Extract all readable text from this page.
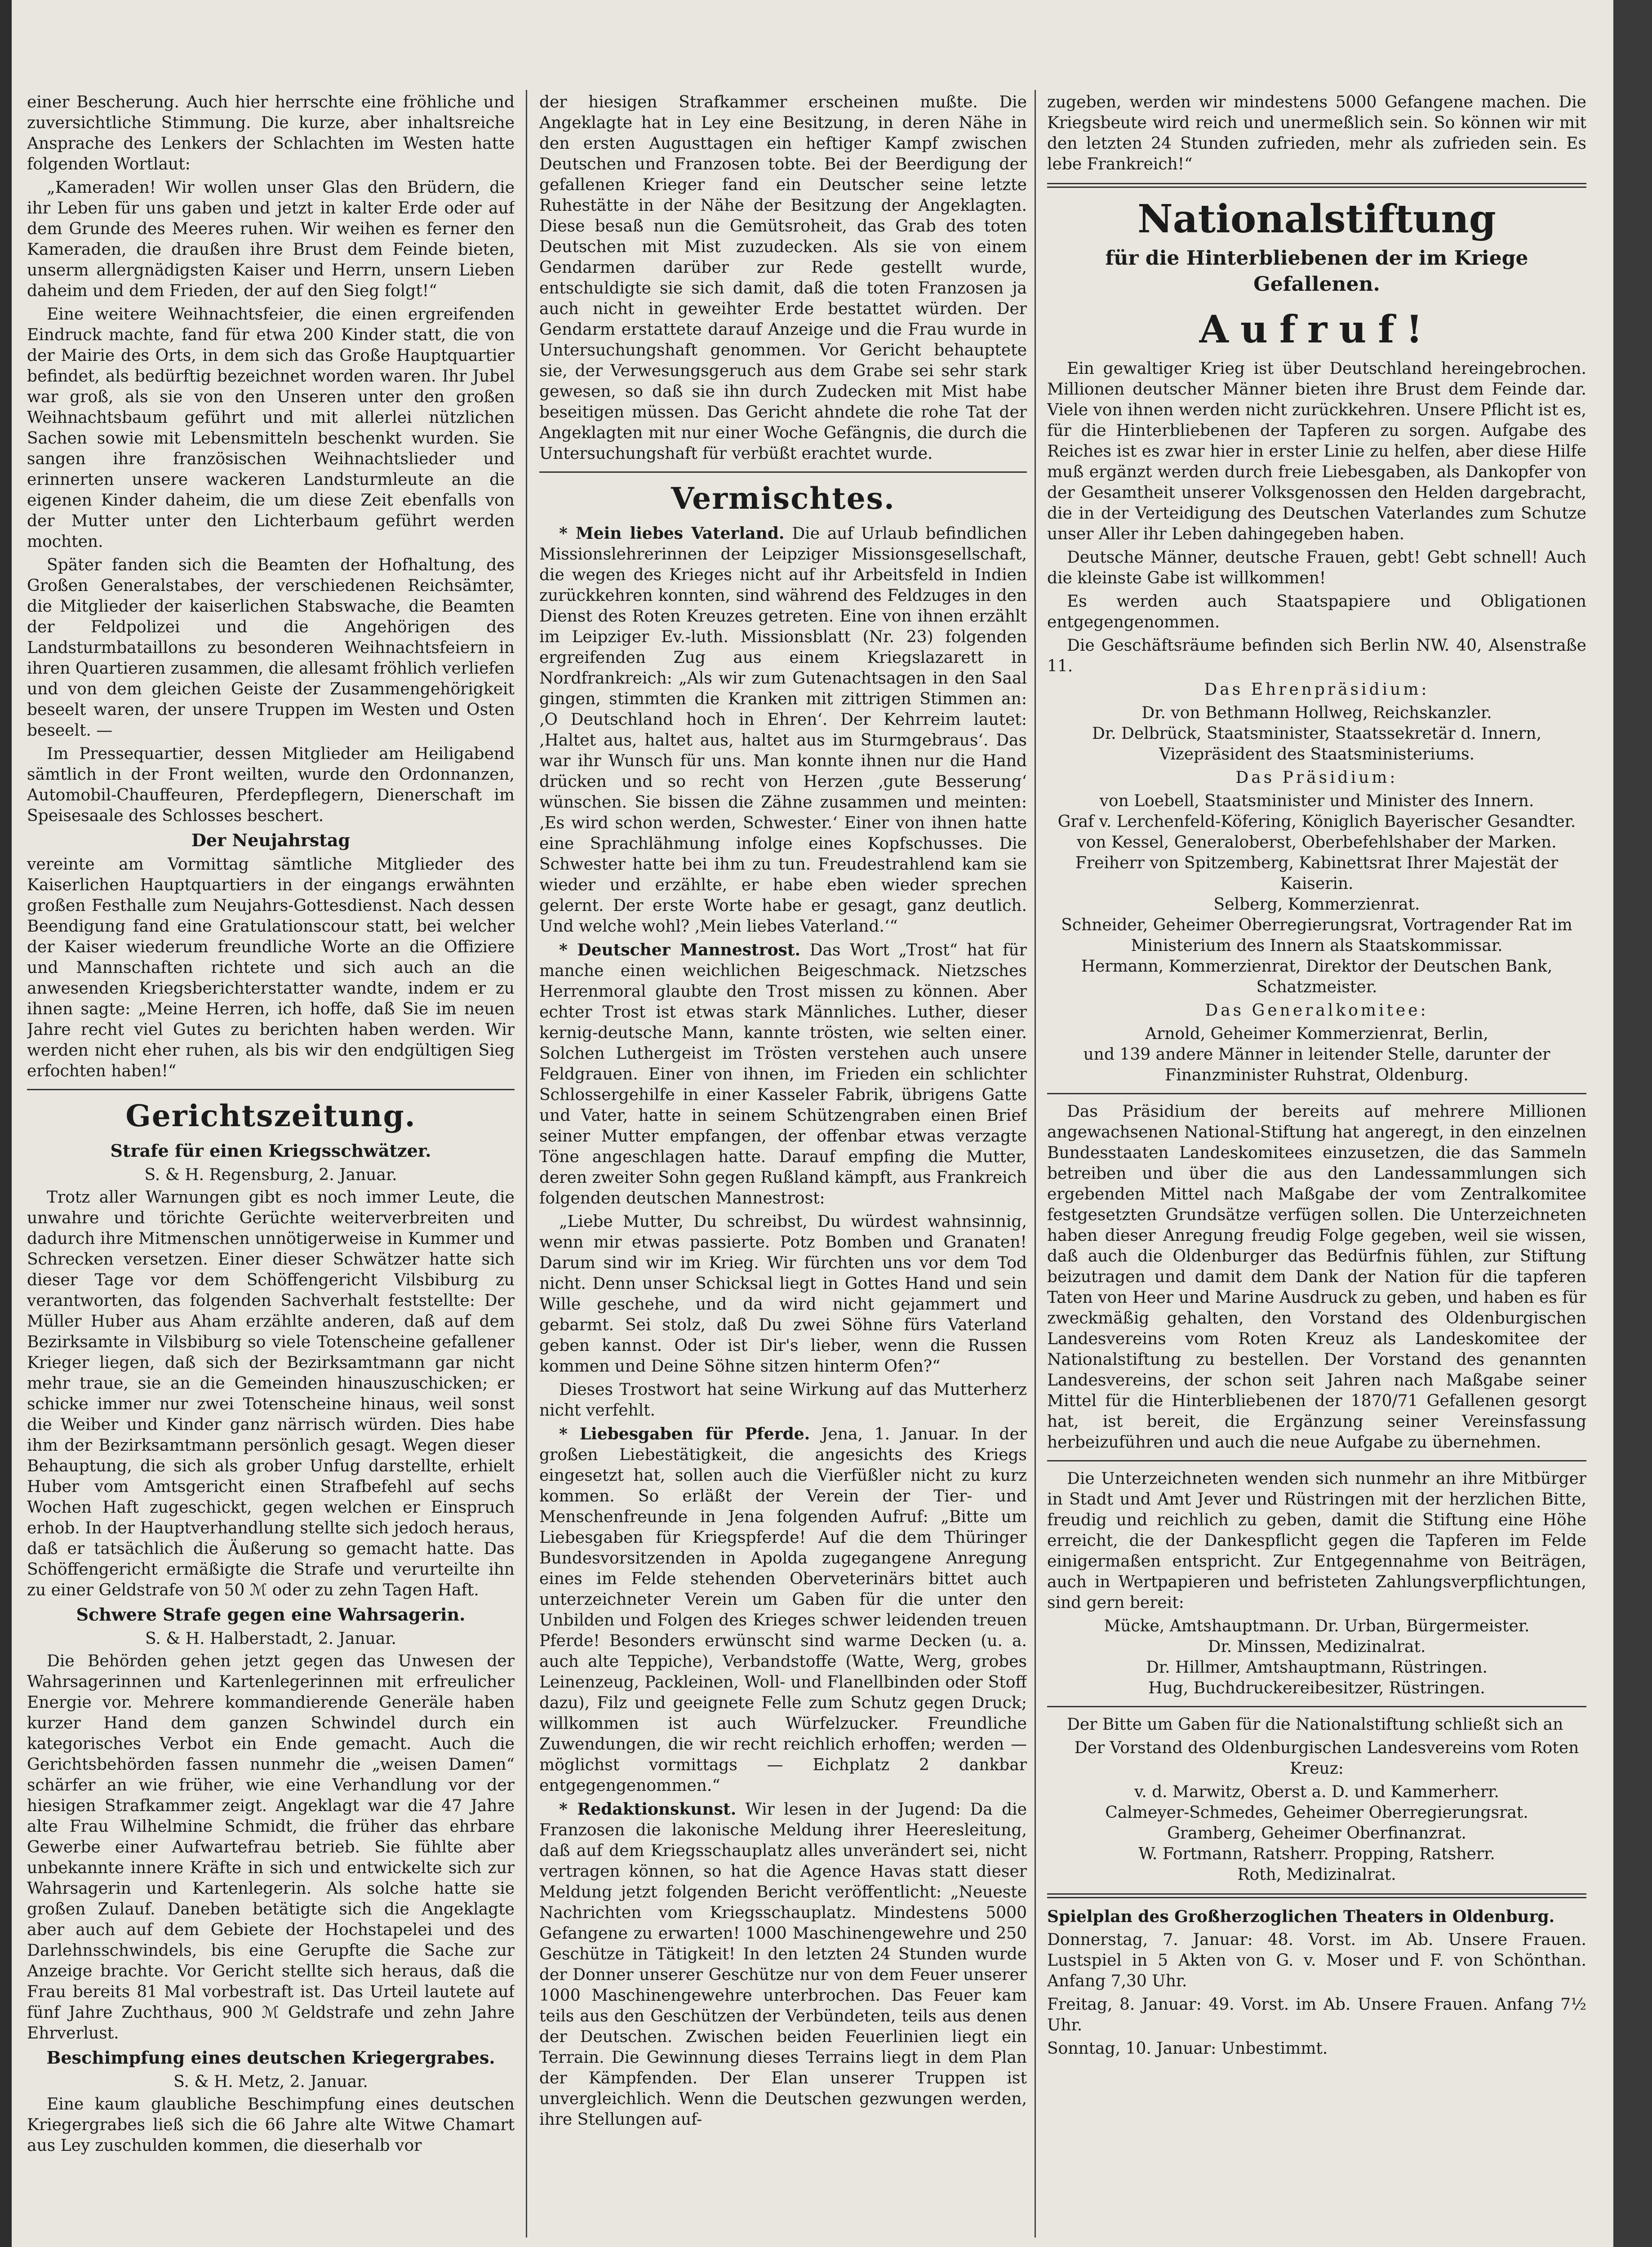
einer Bescherung. Auch hier herrschte eine fröhliche und zuversichtliche Stimmung. Die kurze, aber inhaltsreiche Ansprache des Lenkers der Schlachten im Westen hatte folgenden Wortlaut:

„Kameraden! Wir wollen unser Glas den Brüdern, die ihr Leben für uns gaben und jetzt in kalter Erde oder auf dem Grunde des Meeres ruhen. Wir weihen es ferner den Kameraden, die draußen ihre Brust dem Feinde bieten, unserm allergnädigsten Kaiser und Herrn, unsern Lieben daheim und dem Frieden, der auf den Sieg folgt!“

Eine weitere Weihnachtsfeier, die einen ergreifenden Eindruck machte, fand für etwa 200 Kinder statt, die von der Mairie des Orts, in dem sich das Große Hauptquartier befindet, als bedürftig bezeichnet worden waren. Ihr Jubel war groß, als sie von den Unseren unter den großen Weihnachtsbaum geführt und mit allerlei nützlichen Sachen sowie mit Lebensmitteln beschenkt wurden. Sie sangen ihre französischen Weihnachtslieder und erinnerten unsere wackeren Landsturmleute an die eigenen Kinder daheim, die um diese Zeit ebenfalls von der Mutter unter den Lichterbaum geführt werden mochten.

Später fanden sich die Beamten der Hofhaltung, des Großen Generalstabes, der verschiedenen Reichsämter, die Mitglieder der kaiserlichen Stabswache, die Beamten der Feldpolizei und die Angehörigen des Landsturmbataillons zu besonderen Weihnachtsfeiern in ihren Quartieren zusammen, die allesamt fröhlich verliefen und von dem gleichen Geiste der Zusammengehörigkeit beseelt waren, der unsere Truppen im Westen und Osten beseelt. —

Im Pressequartier, dessen Mitglieder am Heiligabend sämtlich in der Front weilten, wurde den Ordonnanzen, Automobil-Chauffeuren, Pferdepflegern, Dienerschaft im Speisesaale des Schlosses beschert.

Der Neujahrstag

vereinte am Vormittag sämtliche Mitglieder des Kaiserlichen Hauptquartiers in der eingangs erwähnten großen Festhalle zum Neujahrs-Gottesdienst. Nach dessen Beendigung fand eine Gratulationscour statt, bei welcher der Kaiser wiederum freundliche Worte an die Offiziere und Mannschaften richtete und sich auch an die anwesenden Kriegsberichterstatter wandte, indem er zu ihnen sagte: „Meine Herren, ich hoffe, daß Sie im neuen Jahre recht viel Gutes zu berichten haben werden. Wir werden nicht eher ruhen, als bis wir den endgültigen Sieg erfochten haben!“

Gerichtszeitung.
Strafe für einen Kriegsschwätzer.
S. & H. Regensburg, 2. Januar.

Trotz aller Warnungen gibt es noch immer Leute, die unwahre und törichte Gerüchte weiterverbreiten und dadurch ihre Mitmenschen unnötigerweise in Kummer und Schrecken versetzen. Einer dieser Schwätzer hatte sich dieser Tage vor dem Schöffengericht Vilsbiburg zu verantworten, das folgenden Sachverhalt feststellte: Der Müller Huber aus Aham erzählte anderen, daß auf dem Bezirksamte in Vilsbiburg so viele Totenscheine gefallener Krieger liegen, daß sich der Bezirksamtmann gar nicht mehr traue, sie an die Gemeinden hinauszuschicken; er schicke immer nur zwei Totenscheine hinaus, weil sonst die Weiber und Kinder ganz närrisch würden. Dies habe ihm der Bezirksamtmann persönlich gesagt. Wegen dieser Behauptung, die sich als grober Unfug darstellte, erhielt Huber vom Amtsgericht einen Strafbefehl auf sechs Wochen Haft zugeschickt, gegen welchen er Einspruch erhob. In der Hauptverhandlung stellte sich jedoch heraus, daß er tatsächlich die Äußerung so gemacht hatte. Das Schöffengericht ermäßigte die Strafe und verurteilte ihn zu einer Geldstrafe von 50 ℳ oder zu zehn Tagen Haft.

Schwere Strafe gegen eine Wahrsagerin.
S. & H. Halberstadt, 2. Januar.

Die Behörden gehen jetzt gegen das Unwesen der Wahrsagerinnen und Kartenlegerinnen mit erfreulicher Energie vor. Mehrere kommandierende Generäle haben kurzer Hand dem ganzen Schwindel durch ein kategorisches Verbot ein Ende gemacht. Auch die Gerichtsbehörden fassen nunmehr die „weisen Damen“ schärfer an wie früher, wie eine Verhandlung vor der hiesigen Strafkammer zeigt. Angeklagt war die 47 Jahre alte Frau Wilhelmine Schmidt, die früher das ehrbare Gewerbe einer Aufwartefrau betrieb. Sie fühlte aber unbekannte innere Kräfte in sich und entwickelte sich zur Wahrsagerin und Kartenlegerin. Als solche hatte sie großen Zulauf. Daneben betätigte sich die Angeklagte aber auch auf dem Gebiete der Hochstapelei und des Darlehnsschwindels, bis eine Gerupfte die Sache zur Anzeige brachte. Vor Gericht stellte sich heraus, daß die Frau bereits 81 Mal vorbestraft ist. Das Urteil lautete auf fünf Jahre Zuchthaus, 900 ℳ Geldstrafe und zehn Jahre Ehrverlust.

Beschimpfung eines deutschen Kriegergrabes.
S. & H. Metz, 2. Januar.

Eine kaum glaubliche Beschimpfung eines deutschen Kriegergrabes ließ sich die 66 Jahre alte Witwe Chamart aus Ley zuschulden kommen, die dieserhalb vor

der hiesigen Strafkammer erscheinen mußte. Die Angeklagte hat in Ley eine Besitzung, in deren Nähe in den ersten Augusttagen ein heftiger Kampf zwischen Deutschen und Franzosen tobte. Bei der Beerdigung der gefallenen Krieger fand ein Deutscher seine letzte Ruhestätte in der Nähe der Besitzung der Angeklagten. Diese besaß nun die Gemütsroheit, das Grab des toten Deutschen mit Mist zuzudecken. Als sie von einem Gendarmen darüber zur Rede gestellt wurde, entschuldigte sie sich damit, daß die toten Franzosen ja auch nicht in geweihter Erde bestattet würden. Der Gendarm erstattete darauf Anzeige und die Frau wurde in Untersuchungshaft genommen. Vor Gericht behauptete sie, der Verwesungsgeruch aus dem Grabe sei sehr stark gewesen, so daß sie ihn durch Zudecken mit Mist habe beseitigen müssen. Das Gericht ahndete die rohe Tat der Angeklagten mit nur einer Woche Gefängnis, die durch die Untersuchungshaft für verbüßt erachtet wurde.

Vermischtes.

* Mein liebes Vaterland. Die auf Urlaub befindlichen Missionslehrerinnen der Leipziger Missionsgesellschaft, die wegen des Krieges nicht auf ihr Arbeitsfeld in Indien zurückkehren konnten, sind während des Feldzuges in den Dienst des Roten Kreuzes getreten. Eine von ihnen erzählt im Leipziger Ev.-luth. Missionsblatt (Nr. 23) folgenden ergreifenden Zug aus einem Kriegslazarett in Nordfrankreich: „Als wir zum Gutenachtsagen in den Saal gingen, stimmten die Kranken mit zittrigen Stimmen an: ‚O Deutschland hoch in Ehren‘. Der Kehrreim lautet: ‚Haltet aus, haltet aus, haltet aus im Sturmgebraus‘. Das war ihr Wunsch für uns. Man konnte ihnen nur die Hand drücken und so recht von Herzen ‚gute Besserung‘ wünschen. Sie bissen die Zähne zusammen und meinten: ‚Es wird schon werden, Schwester.‘ Einer von ihnen hatte eine Sprachlähmung infolge eines Kopfschusses. Die Schwester hatte bei ihm zu tun. Freudestrahlend kam sie wieder und erzählte, er habe eben wieder sprechen gelernt. Der erste Worte habe er gesagt, ganz deutlich. Und welche wohl? ‚Mein liebes Vaterland.‘“

* Deutscher Mannestrost. Das Wort „Trost“ hat für manche einen weichlichen Beigeschmack. Nietzsches Herrenmoral glaubte den Trost missen zu können. Aber echter Trost ist etwas stark Männliches. Luther, dieser kernig-deutsche Mann, kannte trösten, wie selten einer. Solchen Luthergeist im Trösten verstehen auch unsere Feldgrauen. Einer von ihnen, im Frieden ein schlichter Schlossergehilfe in einer Kasseler Fabrik, übrigens Gatte und Vater, hatte in seinem Schützengraben einen Brief seiner Mutter empfangen, der offenbar etwas verzagte Töne angeschlagen hatte. Darauf empfing die Mutter, deren zweiter Sohn gegen Rußland kämpft, aus Frankreich folgenden deutschen Mannestrost:

„Liebe Mutter, Du schreibst, Du würdest wahnsinnig, wenn mir etwas passierte. Potz Bomben und Granaten! Darum sind wir im Krieg. Wir fürchten uns vor dem Tod nicht. Denn unser Schicksal liegt in Gottes Hand und sein Wille geschehe, und da wird nicht gejammert und gebarmt. Sei stolz, daß Du zwei Söhne fürs Vaterland geben kannst. Oder ist Dir's lieber, wenn die Russen kommen und Deine Söhne sitzen hinterm Ofen?“

Dieses Trostwort hat seine Wirkung auf das Mutterherz nicht verfehlt.

* Liebesgaben für Pferde. Jena, 1. Januar. In der großen Liebestätigkeit, die angesichts des Kriegs eingesetzt hat, sollen auch die Vierfüßler nicht zu kurz kommen. So erläßt der Verein der Tier- und Menschenfreunde in Jena folgenden Aufruf: „Bitte um Liebesgaben für Kriegspferde! Auf die dem Thüringer Bundesvorsitzenden in Apolda zugegangene Anregung eines im Felde stehenden Oberveterinärs bittet auch unterzeichneter Verein um Gaben für die unter den Unbilden und Folgen des Krieges schwer leidenden treuen Pferde! Besonders erwünscht sind warme Decken (u. a. auch alte Teppiche), Verbandstoffe (Watte, Werg, grobes Leinenzeug, Packleinen, Woll- und Flanellbinden oder Stoff dazu), Filz und geeignete Felle zum Schutz gegen Druck; willkommen ist auch Würfelzucker. Freundliche Zuwendungen, die wir recht reichlich erhoffen; werden — möglichst vormittags — Eichplatz 2 dankbar entgegengenommen.“

* Redaktionskunst. Wir lesen in der Jugend: Da die Franzosen die lakonische Meldung ihrer Heeresleitung, daß auf dem Kriegsschauplatz alles unverändert sei, nicht vertragen können, so hat die Agence Havas statt dieser Meldung jetzt folgenden Bericht veröffentlicht: „Neueste Nachrichten vom Kriegsschauplatz. Mindestens 5000 Gefangene zu erwarten! 1000 Maschinengewehre und 250 Geschütze in Tätigkeit! In den letzten 24 Stunden wurde der Donner unserer Geschütze nur von dem Feuer unserer 1000 Maschinengewehre unterbrochen. Das Feuer kam teils aus den Geschützen der Verbündeten, teils aus denen der Deutschen. Zwischen beiden Feuerlinien liegt ein Terrain. Die Gewinnung dieses Terrains liegt in dem Plan der Kämpfenden. Der Elan unserer Truppen ist unvergleichlich. Wenn die Deutschen gezwungen werden, ihre Stellungen auf-

zugeben, werden wir mindestens 5000 Gefangene machen. Die Kriegsbeute wird reich und unermeßlich sein. So können wir mit den letzten 24 Stunden zufrieden, mehr als zufrieden sein. Es lebe Frankreich!“

Nationalstiftung
für die Hinterbliebenen der im Kriege Gefallenen.
Aufruf!

Ein gewaltiger Krieg ist über Deutschland hereingebrochen. Millionen deutscher Männer bieten ihre Brust dem Feinde dar. Viele von ihnen werden nicht zurückkehren. Unsere Pflicht ist es, für die Hinterbliebenen der Tapferen zu sorgen. Aufgabe des Reiches ist es zwar hier in erster Linie zu helfen, aber diese Hilfe muß ergänzt werden durch freie Liebesgaben, als Dankopfer von der Gesamtheit unserer Volksgenossen den Helden dargebracht, die in der Verteidigung des Deutschen Vaterlandes zum Schutze unser Aller ihr Leben dahingegeben haben.

Deutsche Männer, deutsche Frauen, gebt! Gebt schnell! Auch die kleinste Gabe ist willkommen!

Es werden auch Staatspapiere und Obligationen entgegengenommen.

Die Geschäftsräume befinden sich Berlin NW. 40, Alsenstraße 11.

Das Ehrenpräsidium:

Dr. von Bethmann Hollweg, Reichskanzler.

Dr. Delbrück, Staatsminister, Staatssekretär d. Innern, Vizepräsident des Staatsministeriums.

Das Präsidium:

von Loebell, Staatsminister und Minister des Innern.

Graf v. Lerchenfeld-Köfering, Königlich Bayerischer Gesandter.

von Kessel, Generaloberst, Oberbefehlshaber der Marken.

Freiherr von Spitzemberg, Kabinettsrat Ihrer Majestät der Kaiserin.

Selberg, Kommerzienrat.

Schneider, Geheimer Oberregierungsrat, Vortragender Rat im Ministerium des Innern als Staatskommissar.

Hermann, Kommerzienrat, Direktor der Deutschen Bank, Schatzmeister.

Das Generalkomitee:

Arnold, Geheimer Kommerzienrat, Berlin,

und 139 andere Männer in leitender Stelle, darunter der Finanzminister Ruhstrat, Oldenburg.

Das Präsidium der bereits auf mehrere Millionen angewachsenen National-Stiftung hat angeregt, in den einzelnen Bundesstaaten Landeskomitees einzusetzen, die das Sammeln betreiben und über die aus den Landessammlungen sich ergebenden Mittel nach Maßgabe der vom Zentralkomitee festgesetzten Grundsätze verfügen sollen. Die Unterzeichneten haben dieser Anregung freudig Folge gegeben, weil sie wissen, daß auch die Oldenburger das Bedürfnis fühlen, zur Stiftung beizutragen und damit dem Dank der Nation für die tapferen Taten von Heer und Marine Ausdruck zu geben, und haben es für zweckmäßig gehalten, den Vorstand des Oldenburgischen Landesvereins vom Roten Kreuz als Landeskomitee der Nationalstiftung zu bestellen. Der Vorstand des genannten Landesvereins, der schon seit Jahren nach Maßgabe seiner Mittel für die Hinterbliebenen der 1870/71 Gefallenen gesorgt hat, ist bereit, die Ergänzung seiner Vereinsfassung herbeizuführen und auch die neue Aufgabe zu übernehmen.

Die Unterzeichneten wenden sich nunmehr an ihre Mitbürger in Stadt und Amt Jever und Rüstringen mit der herzlichen Bitte, freudig und reichlich zu geben, damit die Stiftung eine Höhe erreicht, die der Dankespflicht gegen die Tapferen im Felde einigermaßen entspricht. Zur Entgegennahme von Beiträgen, auch in Wertpapieren und befristeten Zahlungsverpflichtungen, sind gern bereit:

Mücke, Amtshauptmann. Dr. Urban, Bürgermeister.

Dr. Minssen, Medizinalrat.

Dr. Hillmer, Amtshauptmann, Rüstringen.

Hug, Buchdruckereibesitzer, Rüstringen.

Der Bitte um Gaben für die Nationalstiftung schließt sich an

Der Vorstand des Oldenburgischen Landesvereins vom Roten Kreuz:

v. d. Marwitz, Oberst a. D. und Kammerherr.

Calmeyer-Schmedes, Geheimer Oberregierungsrat.

Gramberg, Geheimer Oberfinanzrat.

W. Fortmann, Ratsherr. Propping, Ratsherr.

Roth, Medizinalrat.

Spielplan des Großherzoglichen Theaters in Oldenburg.

Donnerstag, 7. Januar: 48. Vorst. im Ab. Unsere Frauen. Lustspiel in 5 Akten von G. v. Moser und F. von Schönthan. Anfang 7,30 Uhr.

Freitag, 8. Januar: 49. Vorst. im Ab. Unsere Frauen. Anfang 7½ Uhr.

Sonntag, 10. Januar: Unbestimmt.
